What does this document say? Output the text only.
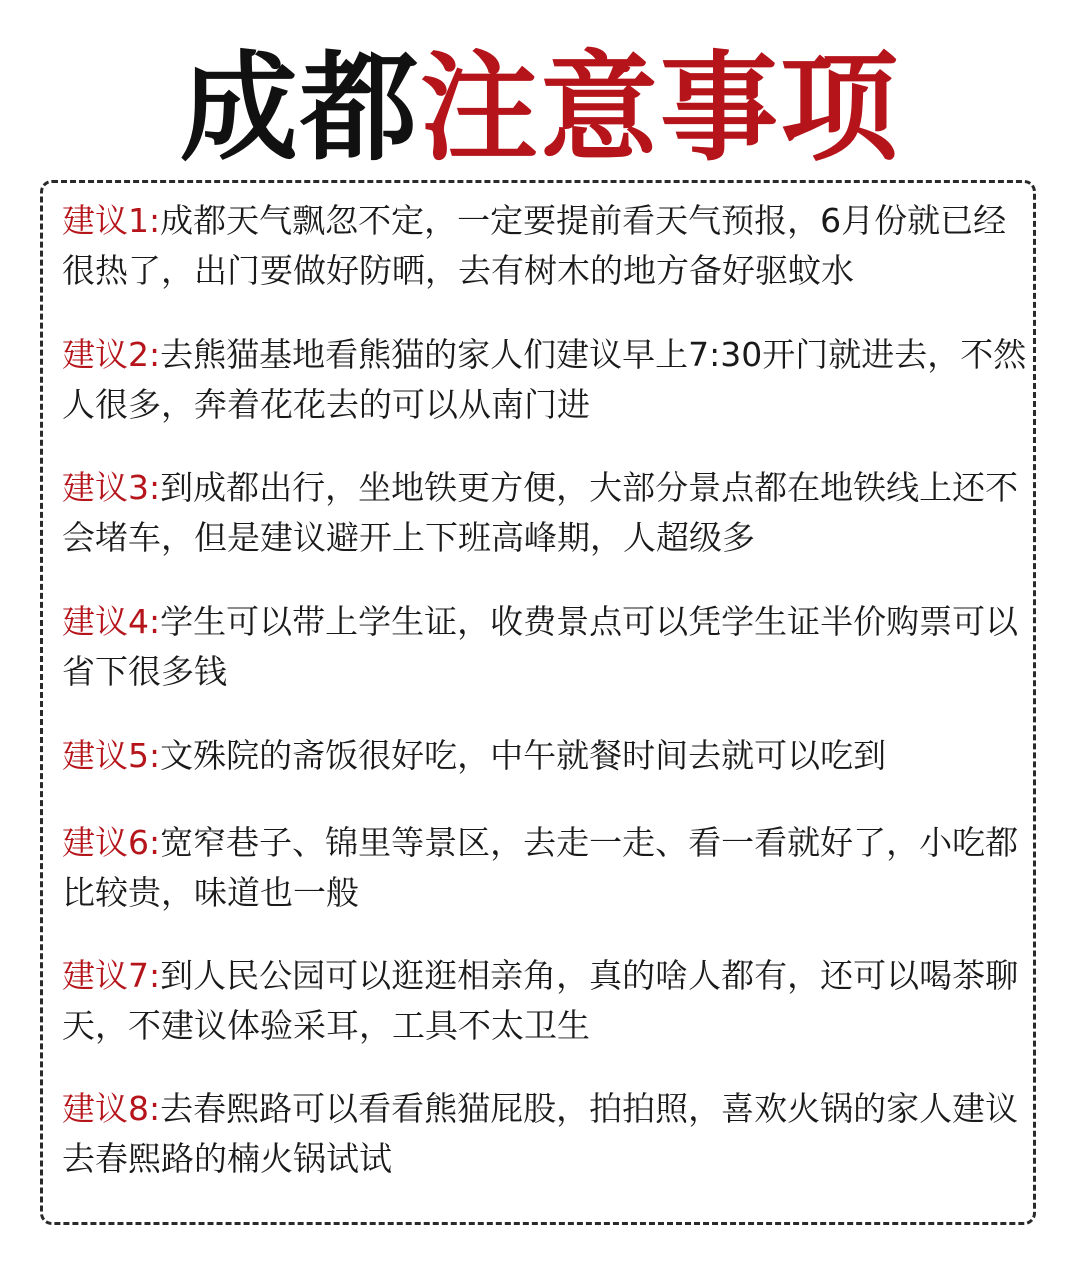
成都注意事项
建议1:成都天气飘忽不定，一定要提前看天气预报，6月份就已经很热了，出门要做好防晒，去有树木的地方备好驱蚊水
建议2:去熊猫基地看熊猫的家人们建议早上7:30开门就进去，不然人很多，奔着花花去的可以从南门进
建议3:到成都出行，坐地铁更方便，大部分景点都在地铁线上还不会堵车，但是建议避开上下班高峰期，人超级多
建议4:学生可以带上学生证，收费景点可以凭学生证半价购票可以省下很多钱
建议5:文殊院的斋饭很好吃，中午就餐时间去就可以吃到
建议6:宽窄巷子、锦里等景区，去走一走、看一看就好了，小吃都比较贵，味道也一般
建议7:到人民公园可以逛逛相亲角，真的啥人都有，还可以喝茶聊天，不建议体验采耳，工具不太卫生
建议8:去春熙路可以看看熊猫屁股，拍拍照，喜欢火锅的家人建议去春熙路的楠火锅试试
